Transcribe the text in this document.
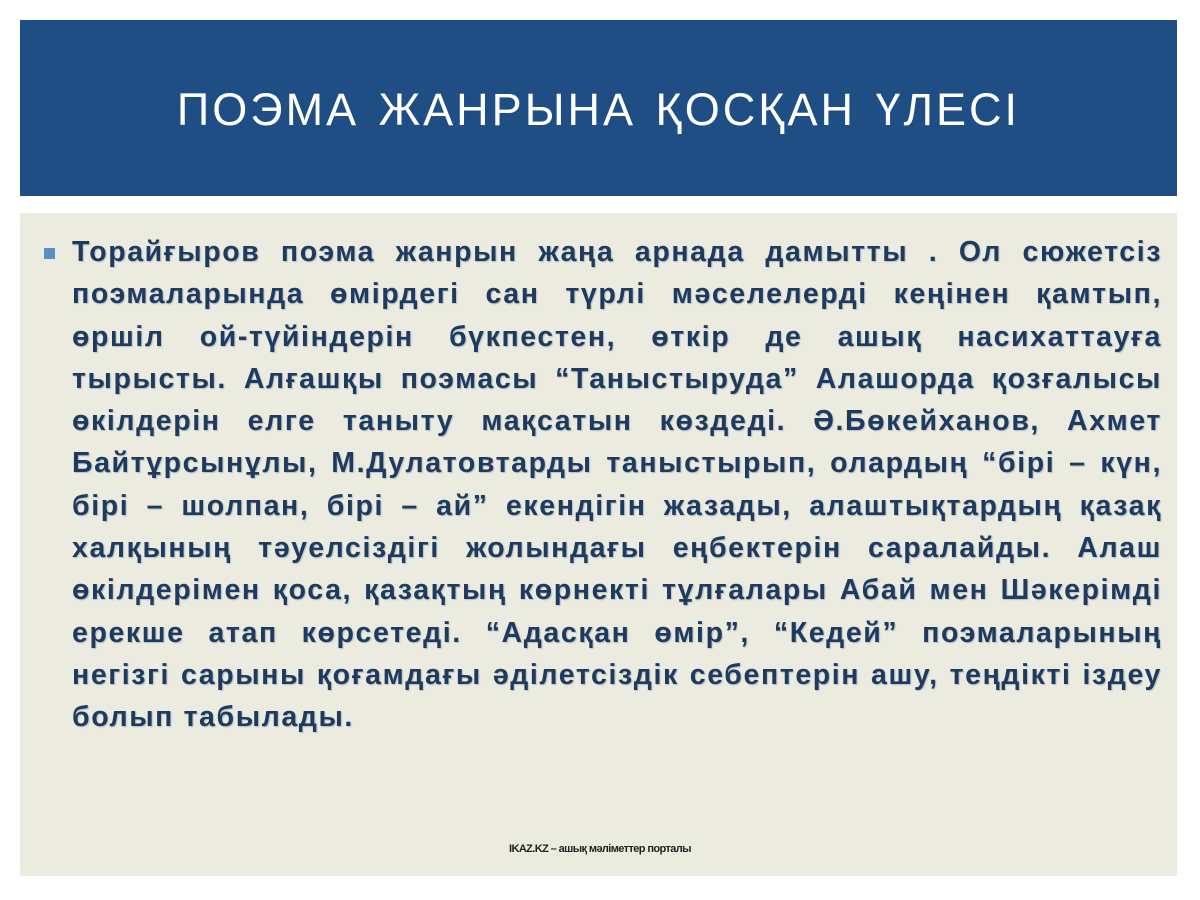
ПОЭМА ЖАНРЫНА ҚОСҚАН ҮЛЕСІ

Торайғыров поэма жанрын жаңа арнада дамытты . Ол сюжетсіз поэмаларында өмірдегі сан түрлі мәселелерді кеңінен қамтып, өршіл ой-түйіндерін бүкпестен, өткір де ашық насихаттауға тырысты. Алғашқы поэмасы “Таныстыруда” Алашорда қозғалысы өкілдерін елге таныту мақсатын көздеді. Ә.Бөкейханов, Ахмет Байтұрсынұлы, М.Дулатовтарды таныстырып, олардың “бірі – күн, бірі – шолпан, бірі – ай” екендігін жазады, алаштықтардың қазақ халқының тәуелсіздігі жолындағы еңбектерін саралайды. Алаш өкілдерімен қоса, қазақтың көрнекті тұлғалары Абай мен Шәкерімді ерекше атап көрсетеді. “Адасқан өмір”, “Кедей” поэмаларының негізгі сарыны қоғамдағы әділетсіздік себептерін ашу, теңдікті іздеу болып табылады.

IKAZ.KZ – ашық мәліметтер порталы
